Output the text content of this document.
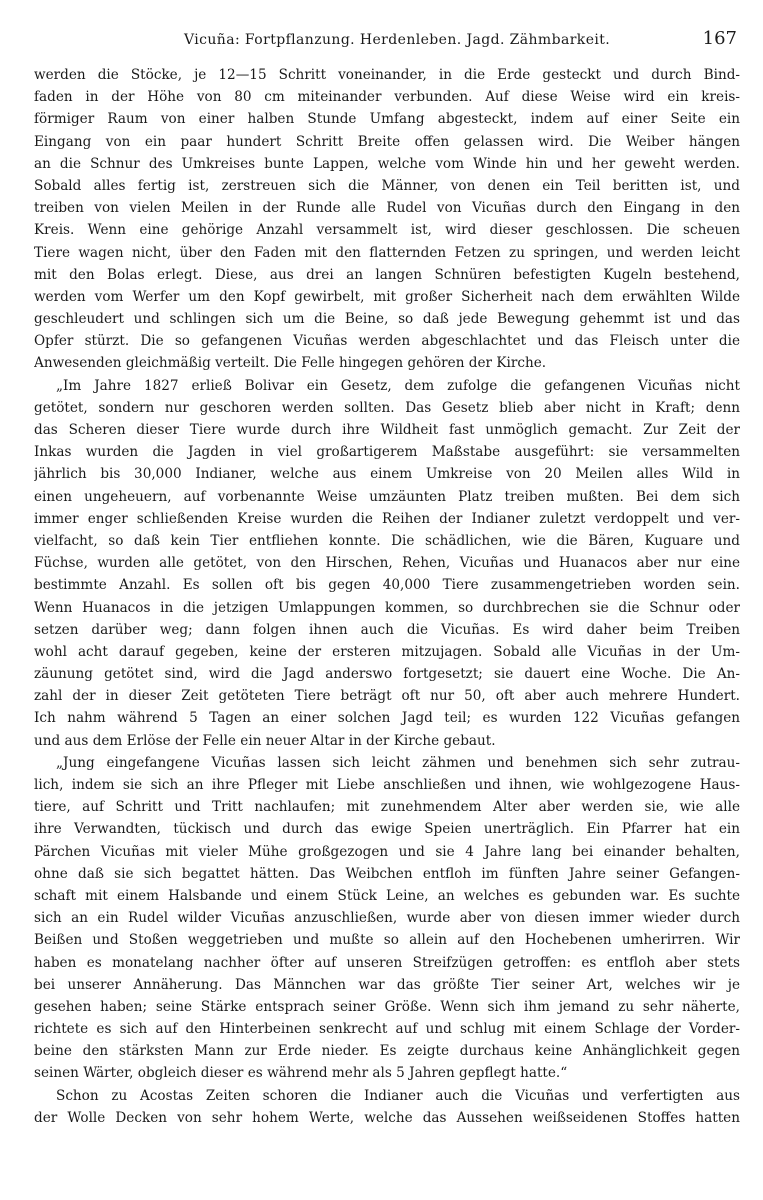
Vicuña: Fortpflanzung. Herdenleben. Jagd. Zähmbarkeit.	167
werden die Stöcke, je 12—15 Schritt voneinander, in die Erde gesteckt und durch Bind-
faden in der Höhe von 80 cm miteinander verbunden. Auf diese Weise wird ein kreis-
förmiger Raum von einer halben Stunde Umfang abgesteckt, indem auf einer Seite ein
Eingang von ein paar hundert Schritt Breite offen gelassen wird. Die Weiber hängen
an die Schnur des Umkreises bunte Lappen, welche vom Winde hin und her geweht werden.
Sobald alles fertig ist, zerstreuen sich die Männer, von denen ein Teil beritten ist, und
treiben von vielen Meilen in der Runde alle Rudel von Vicuñas durch den Eingang in den
Kreis. Wenn eine gehörige Anzahl versammelt ist, wird dieser geschlossen. Die scheuen
Tiere wagen nicht, über den Faden mit den flatternden Fetzen zu springen, und werden leicht
mit den Bolas erlegt. Diese, aus drei an langen Schnüren befestigten Kugeln bestehend,
werden vom Werfer um den Kopf gewirbelt, mit großer Sicherheit nach dem erwählten Wilde
geschleudert und schlingen sich um die Beine, so daß jede Bewegung gehemmt ist und das
Opfer stürzt. Die so gefangenen Vicuñas werden abgeschlachtet und das Fleisch unter die
Anwesenden gleichmäßig verteilt. Die Felle hingegen gehören der Kirche.
„Im Jahre 1827 erließ Bolivar ein Gesetz, dem zufolge die gefangenen Vicuñas nicht
getötet, sondern nur geschoren werden sollten. Das Gesetz blieb aber nicht in Kraft; denn
das Scheren dieser Tiere wurde durch ihre Wildheit fast unmöglich gemacht. Zur Zeit der
Inkas wurden die Jagden in viel großartigerem Maßstabe ausgeführt: sie versammelten
jährlich bis 30,000 Indianer, welche aus einem Umkreise von 20 Meilen alles Wild in
einen ungeheuern, auf vorbenannte Weise umzäunten Platz treiben mußten. Bei dem sich
immer enger schließenden Kreise wurden die Reihen der Indianer zuletzt verdoppelt und ver-
vielfacht, so daß kein Tier entfliehen konnte. Die schädlichen, wie die Bären, Kuguare und
Füchse, wurden alle getötet, von den Hirschen, Rehen, Vicuñas und Huanacos aber nur eine
bestimmte Anzahl. Es sollen oft bis gegen 40,000 Tiere zusammengetrieben worden sein.
Wenn Huanacos in die jetzigen Umlappungen kommen, so durchbrechen sie die Schnur oder
setzen darüber weg; dann folgen ihnen auch die Vicuñas. Es wird daher beim Treiben
wohl acht darauf gegeben, keine der ersteren mitzujagen. Sobald alle Vicuñas in der Um-
zäunung getötet sind, wird die Jagd anderswo fortgesetzt; sie dauert eine Woche. Die An-
zahl der in dieser Zeit getöteten Tiere beträgt oft nur 50, oft aber auch mehrere Hundert.
Ich nahm während 5 Tagen an einer solchen Jagd teil; es wurden 122 Vicuñas gefangen
und aus dem Erlöse der Felle ein neuer Altar in der Kirche gebaut.
„Jung eingefangene Vicuñas lassen sich leicht zähmen und benehmen sich sehr zutrau-
lich, indem sie sich an ihre Pfleger mit Liebe anschließen und ihnen, wie wohlgezogene Haus-
tiere, auf Schritt und Tritt nachlaufen; mit zunehmendem Alter aber werden sie, wie alle
ihre Verwandten, tückisch und durch das ewige Speien unerträglich. Ein Pfarrer hat ein
Pärchen Vicuñas mit vieler Mühe großgezogen und sie 4 Jahre lang bei einander behalten,
ohne daß sie sich begattet hätten. Das Weibchen entfloh im fünften Jahre seiner Gefangen-
schaft mit einem Halsbande und einem Stück Leine, an welches es gebunden war. Es suchte
sich an ein Rudel wilder Vicuñas anzuschließen, wurde aber von diesen immer wieder durch
Beißen und Stoßen weggetrieben und mußte so allein auf den Hochebenen umherirren. Wir
haben es monatelang nachher öfter auf unseren Streifzügen getroffen: es entfloh aber stets
bei unserer Annäherung. Das Männchen war das größte Tier seiner Art, welches wir je
gesehen haben; seine Stärke entsprach seiner Größe. Wenn sich ihm jemand zu sehr näherte,
richtete es sich auf den Hinterbeinen senkrecht auf und schlug mit einem Schlage der Vorder-
beine den stärksten Mann zur Erde nieder. Es zeigte durchaus keine Anhänglichkeit gegen
seinen Wärter, obgleich dieser es während mehr als 5 Jahren gepflegt hatte.“
Schon zu Acostas Zeiten schoren die Indianer auch die Vicuñas und verfertigten aus
der Wolle Decken von sehr hohem Werte, welche das Aussehen weißseidenen Stoffes hatten
